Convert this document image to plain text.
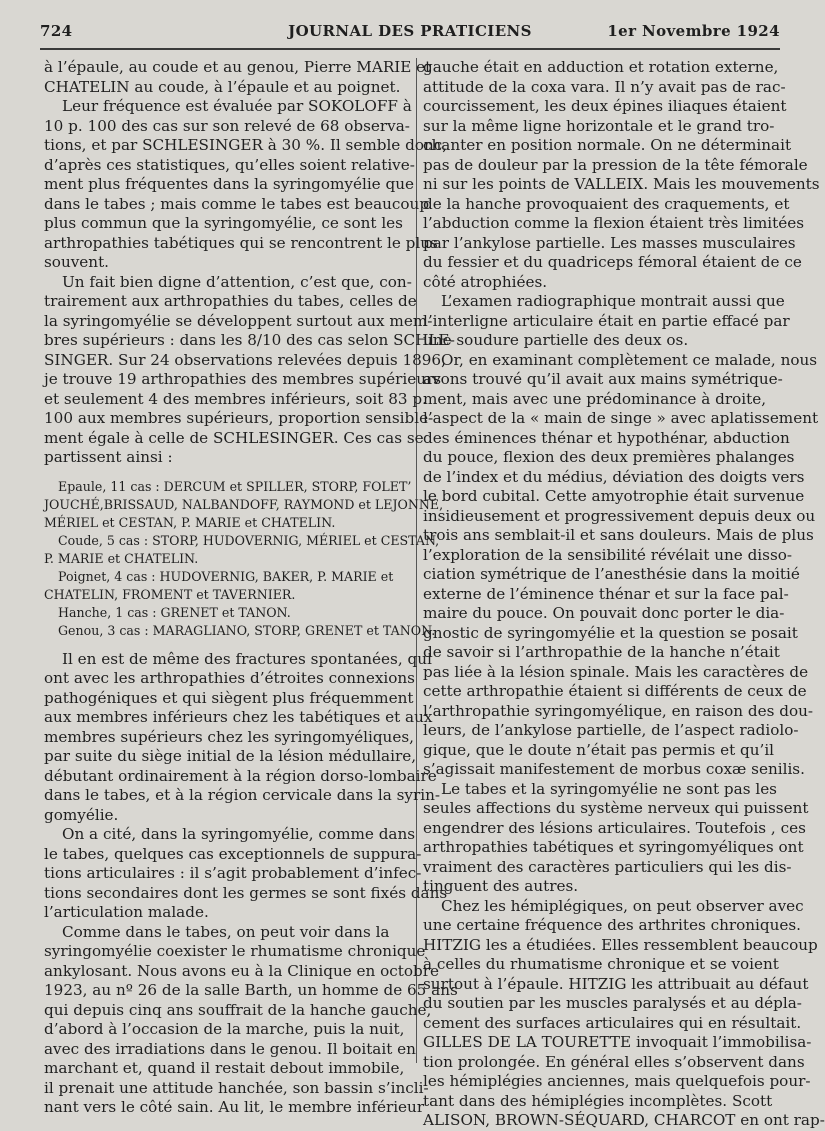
724	JOURNAL DES PRATICIENS	1er Novembre 1924
à l’épaule, au coude et au genou, Pierre MARIE et
CHATELIN au coude, à l’épaule et au poignet.
Leur fréquence est évaluée par SOKOLOFF à
10 p. 100 des cas sur son relevé de 68 observa-
tions, et par SCHLESINGER à 30 %. Il semble donc,
d’après ces statistiques, qu’elles soient relative-
ment plus fréquentes dans la syringomyélie que
dans le tabes ; mais comme le tabes est beaucoup
plus commun que la syringomyélie, ce sont les
arthropathies tabétiques qui se rencontrent le plus
souvent.
Un fait bien digne d’attention, c’est que, con-
trairement aux arthropathies du tabes, celles de
la syringomyélie se développent surtout aux mem-
bres supérieurs : dans les 8/10 des cas selon SCHLE-
SINGER. Sur 24 observations relevées depuis 1896,
je trouve 19 arthropathies des membres supérieurs
et seulement 4 des membres inférieurs, soit 83 p.
100 aux membres supérieurs, proportion sensible-
ment égale à celle de SCHLESINGER. Ces cas se
partissent ainsi :
Epaule, 11 cas : DERCUM et SPILLER, STORP, FOLET’
JOUCHÉ,BRISSAUD, NALBANDOFF, RAYMOND et LEJONNE,
MÉRIEL et CESTAN, P. MARIE et CHATELIN.
Coude, 5 cas : STORP, HUDOVERNIG, MÉRIEL et CESTAN,
P. MARIE et CHATELIN.
Poignet, 4 cas : HUDOVERNIG, BAKER, P. MARIE et
CHATELIN, FROMENT et TAVERNIER.
Hanche, 1 cas : GRENET et TANON.
Genou, 3 cas : MARAGLIANO, STORP, GRENET et TANON.
Il en est de même des fractures spontanées, qui
ont avec les arthropathies d’étroites connexions
pathogéniques et qui siègent plus fréquemment
aux membres inférieurs chez les tabétiques et aux
membres supérieurs chez les syringomyéliques,
par suite du siège initial de la lésion médullaire,
débutant ordinairement à la région dorso-lombaire
dans le tabes, et à la région cervicale dans la syrin-
gomyélie.
On a cité, dans la syringomyélie, comme dans
le tabes, quelques cas exceptionnels de suppura-
tions articulaires : il s’agit probablement d’infec-
tions secondaires dont les germes se sont fixés dans
l’articulation malade.
Comme dans le tabes, on peut voir dans la
syringomyélie coexister le rhumatisme chronique
ankylosant. Nous avons eu à la Clinique en octobre
1923, au nº 26 de la salle Barth, un homme de 65 ans
qui depuis cinq ans souffrait de la hanche gauche,
d’abord à l’occasion de la marche, puis la nuit,
avec des irradiations dans le genou. Il boitait en
marchant et, quand il restait debout immobile,
il prenait une attitude hanchée, son bassin s’incli-
nant vers le côté sain. Au lit, le membre inférieur
gauche était en adduction et rotation externe,
attitude de la coxa vara. Il n’y avait pas de rac-
courcissement, les deux épines iliaques étaient
sur la même ligne horizontale et le grand tro-
chanter en position normale. On ne déterminait
pas de douleur par la pression de la tête fémorale
ni sur les points de VALLEIX. Mais les mouvements
de la hanche provoquaient des craquements, et
l’abduction comme la flexion étaient très limitées
par l’ankylose partielle. Les masses musculaires
du fessier et du quadriceps fémoral étaient de ce
côté atrophiées.
L’examen radiographique montrait aussi que
l’interligne articulaire était en partie effacé par
une soudure partielle des deux os.
Or, en examinant complètement ce malade, nous
avons trouvé qu’il avait aux mains symétrique-
ment, mais avec une prédominance à droite,
l’aspect de la « main de singe » avec aplatissement
des éminences thénar et hypothénar, abduction
du pouce, flexion des deux premières phalanges
de l’index et du médius, déviation des doigts vers
le bord cubital. Cette amyotrophie était survenue
insidieusement et progressivement depuis deux ou
trois ans semblait-il et sans douleurs. Mais de plus
l’exploration de la sensibilité révélait une disso-
ciation symétrique de l’anesthésie dans la moitié
externe de l’éminence thénar et sur la face pal-
maire du pouce. On pouvait donc porter le dia-
gnostic de syringomyélie et la question se posait
de savoir si l’arthropathie de la hanche n’était
pas liée à la lésion spinale. Mais les caractères de
cette arthropathie étaient si différents de ceux de
l’arthropathie syringomyélique, en raison des dou-
leurs, de l’ankylose partielle, de l’aspect radiolo-
gique, que le doute n’était pas permis et qu’il
s’agissait manifestement de morbus coxæ senilis.
Le tabes et la syringomyélie ne sont pas les
seules affections du système nerveux qui puissent
engendrer des lésions articulaires. Toutefois , ces
arthropathies tabétiques et syringomyéliques ont
vraiment des caractères particuliers qui les dis-
tinguent des autres.
Chez les hémiplégiques, on peut observer avec
une certaine fréquence des arthrites chroniques.
HITZIG les a étudiées. Elles ressemblent beaucoup
à celles du rhumatisme chronique et se voient
surtout à l’épaule. HITZIG les attribuait au défaut
du soutien par les muscles paralysés et au dépla-
cement des surfaces articulaires qui en résultait.
GILLES DE LA TOURETTE invoquait l’immobilisa-
tion prolongée. En général elles s’observent dans
les hémiplégies anciennes, mais quelquefois pour-
tant dans des hémiplégies incomplètes. Scott
ALISON, BROWN-SÉQUARD, CHARCOT en ont rap-
